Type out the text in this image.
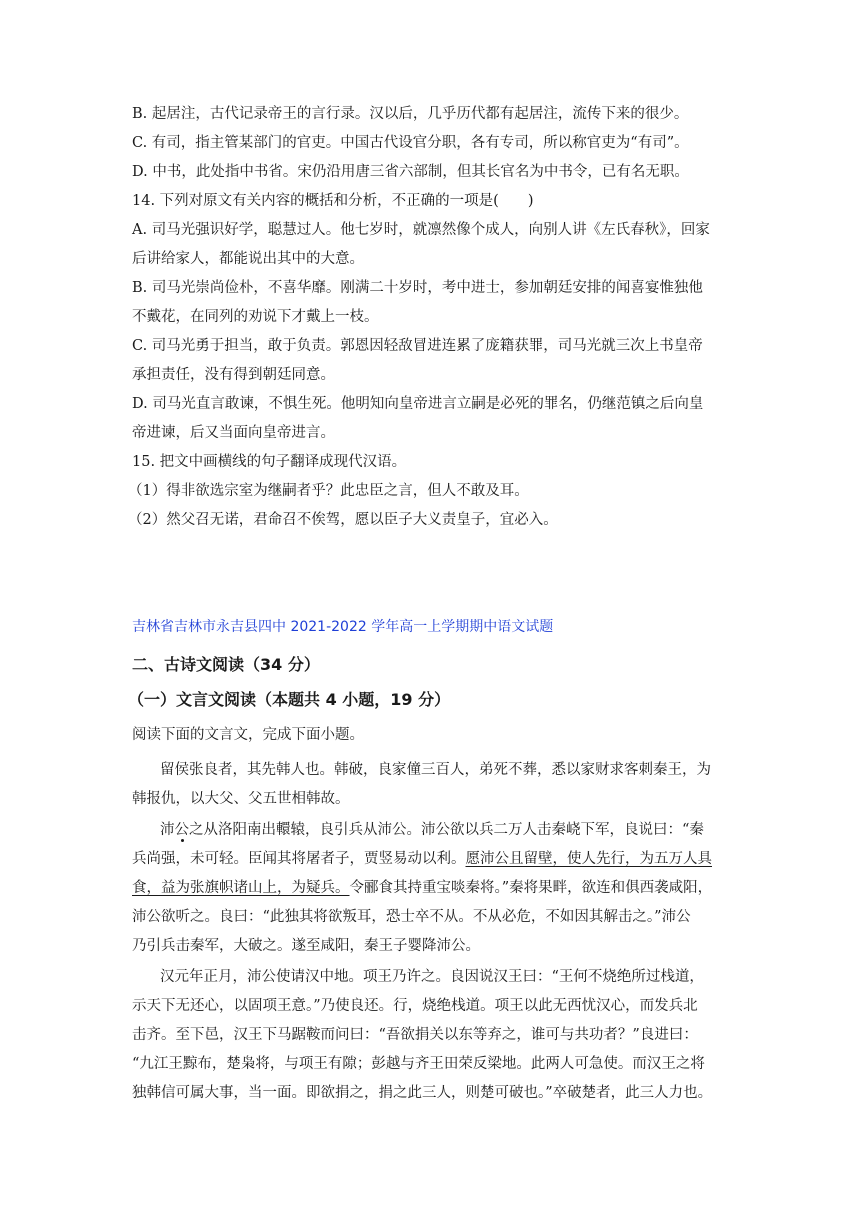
B. 起居注，古代记录帝王的言行录。汉以后，几乎历代都有起居注，流传下来的很少。
C. 有司，指主管某部门的官吏。中国古代设官分职，各有专司，所以称官吏为“有司”。
D. 中书，此处指中书省。宋仍沿用唐三省六部制，但其长官名为中书令，已有名无职。
14. 下列对原文有关内容的概括和分析，不正确的一项是(　　)
A. 司马光强识好学，聪慧过人。他七岁时，就凛然像个成人，向别人讲《左氏春秋》，回家
后讲给家人，都能说出其中的大意。
B. 司马光崇尚俭朴，不喜华靡。刚满二十岁时，考中进士，参加朝廷安排的闻喜宴惟独他
不戴花，在同列的劝说下才戴上一枝。
C. 司马光勇于担当，敢于负责。郭恩因轻敌冒进连累了庞籍获罪，司马光就三次上书皇帝
承担责任，没有得到朝廷同意。
D. 司马光直言敢谏，不惧生死。他明知向皇帝进言立嗣是必死的罪名，仍继范镇之后向皇
帝进谏，后又当面向皇帝进言。
15. 把文中画横线的句子翻译成现代汉语。
（1）得非欲选宗室为继嗣者乎？此忠臣之言，但人不敢及耳。
（2）然父召无诺，君命召不俟驾，愿以臣子大义责皇子，宜必入。
吉林省吉林市永吉县四中 2021-2022 学年高一上学期期中语文试题
二、古诗文阅读（34 分）
（一）文言文阅读（本题共 4 小题，19 分）
阅读下面的文言文，完成下面小题。
留侯张良者，其先韩人也。韩破，良家僮三百人，弟死不葬，悉以家财求客刺秦王，为
韩报仇，以大父、父五世相韩故。
沛公之从洛阳南出轘辕，良引兵从沛公。沛公欲以兵二万人击秦峣下军，良说曰：“秦
兵尚强，未可轻。臣闻其将屠者子，贾竖易动以利。愿沛公且留壁，使人先行，为五万人具
食，益为张旗帜诸山上，为疑兵。令郦食其持重宝啖秦将。”秦将果畔，欲连和俱西袭咸阳，
沛公欲听之。良曰：“此独其将欲叛耳，恐士卒不从。不从必危，不如因其解击之。”沛公
乃引兵击秦军，大破之。遂至咸阳，秦王子婴降沛公。
汉元年正月，沛公使请汉中地。项王乃许之。良因说汉王曰：“王何不烧绝所过栈道，
示天下无还心，以固项王意。”乃使良还。行，烧绝栈道。项王以此无西忧汉心，而发兵北
击齐。至下邑，汉王下马踞鞍而问曰：“吾欲捐关以东等弃之，谁可与共功者？”良进曰：
“九江王黥布，楚枭将，与项王有隙；彭越与齐王田荣反梁地。此两人可急使。而汉王之将
独韩信可属大事，当一面。即欲捐之，捐之此三人，则楚可破也。”卒破楚者，此三人力也。
